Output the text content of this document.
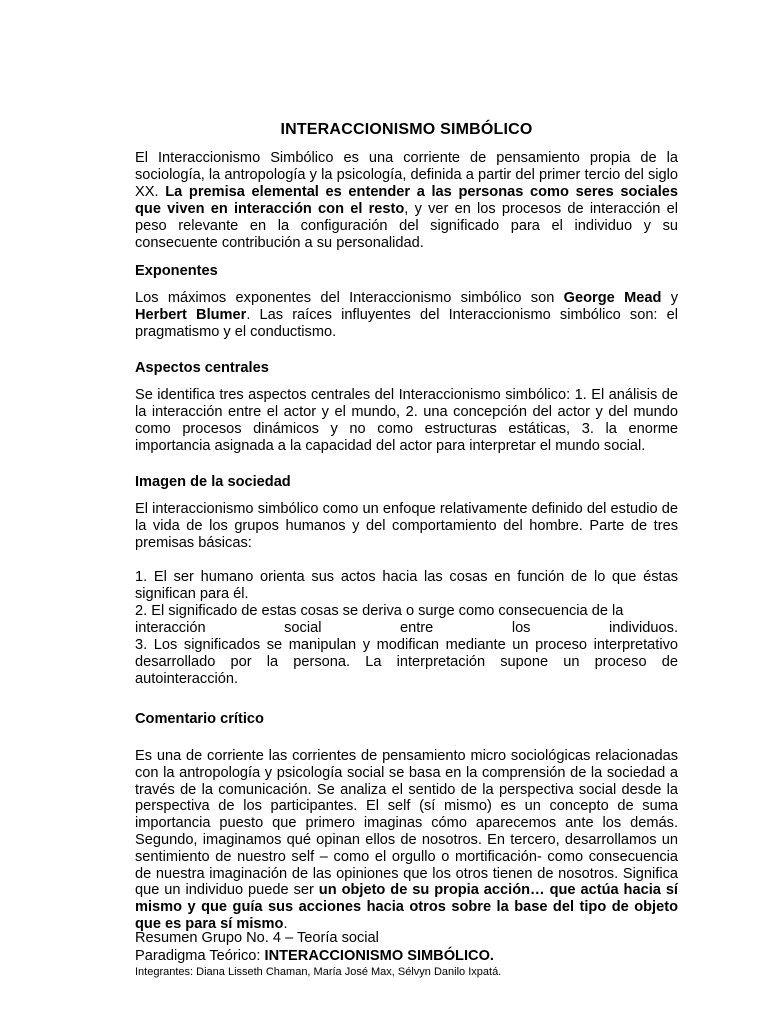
INTERACCIONISMO SIMBÓLICO

El Interaccionismo Simbólico es una corriente de pensamiento propia de la sociología, la antropología y la psicología, definida a partir del primer tercio del siglo XX. La premisa elemental es entender a las personas como seres sociales que viven en interacción con el resto, y ver en los procesos de interacción el peso relevante en la configuración del significado para el individuo y su consecuente contribución a su personalidad.

Exponentes

Los máximos exponentes del Interaccionismo simbólico son George Mead y Herbert Blumer. Las raíces influyentes del Interaccionismo simbólico son: el pragmatismo y el conductismo.

Aspectos centrales

Se identifica tres aspectos centrales del Interaccionismo simbólico: 1. El análisis de la interacción entre el actor y el mundo, 2. una concepción del actor y del mundo como procesos dinámicos y no como estructuras estáticas, 3. la enorme importancia asignada a la capacidad del actor para interpretar el mundo social.

Imagen de la sociedad

El interaccionismo simbólico como un enfoque relativamente definido del estudio de la vida de los grupos humanos y del comportamiento del hombre. Parte de tres premisas básicas:

1. El ser humano orienta sus actos hacia las cosas en función de lo que éstas significan para él.
2. El significado de estas cosas se deriva o surge como consecuencia de la
interacción social entre los individuos.
3. Los significados se manipulan y modifican mediante un proceso interpretativo desarrollado por la persona. La interpretación supone un proceso de autointeracción.
Comentario crítico

Es una de corriente las corrientes de pensamiento micro sociológicas relacionadas con la antropología y psicología social se basa en la comprensión de la sociedad a través de la comunicación. Se analiza el sentido de la perspectiva social desde la perspectiva de los participantes. El self (sí mismo) es un concepto de suma importancia puesto que primero imaginas cómo aparecemos ante los demás. Segundo, imaginamos qué opinan ellos de nosotros. En tercero, desarrollamos un sentimiento de nuestro self – como el orgullo o mortificación- como consecuencia de nuestra imaginación de las opiniones que los otros tienen de nosotros. Significa que un individuo puede ser un objeto de su propia acción… que actúa hacia sí mismo y que guía sus acciones hacia otros sobre la base del tipo de objeto que es para sí mismo.

Resumen Grupo No. 4 – Teoría social
Paradigma Teórico: INTERACCIONISMO SIMBÓLICO.
Integrantes: Diana Lisseth Chaman, María José Max, Sélvyn Danilo Ixpatá.
